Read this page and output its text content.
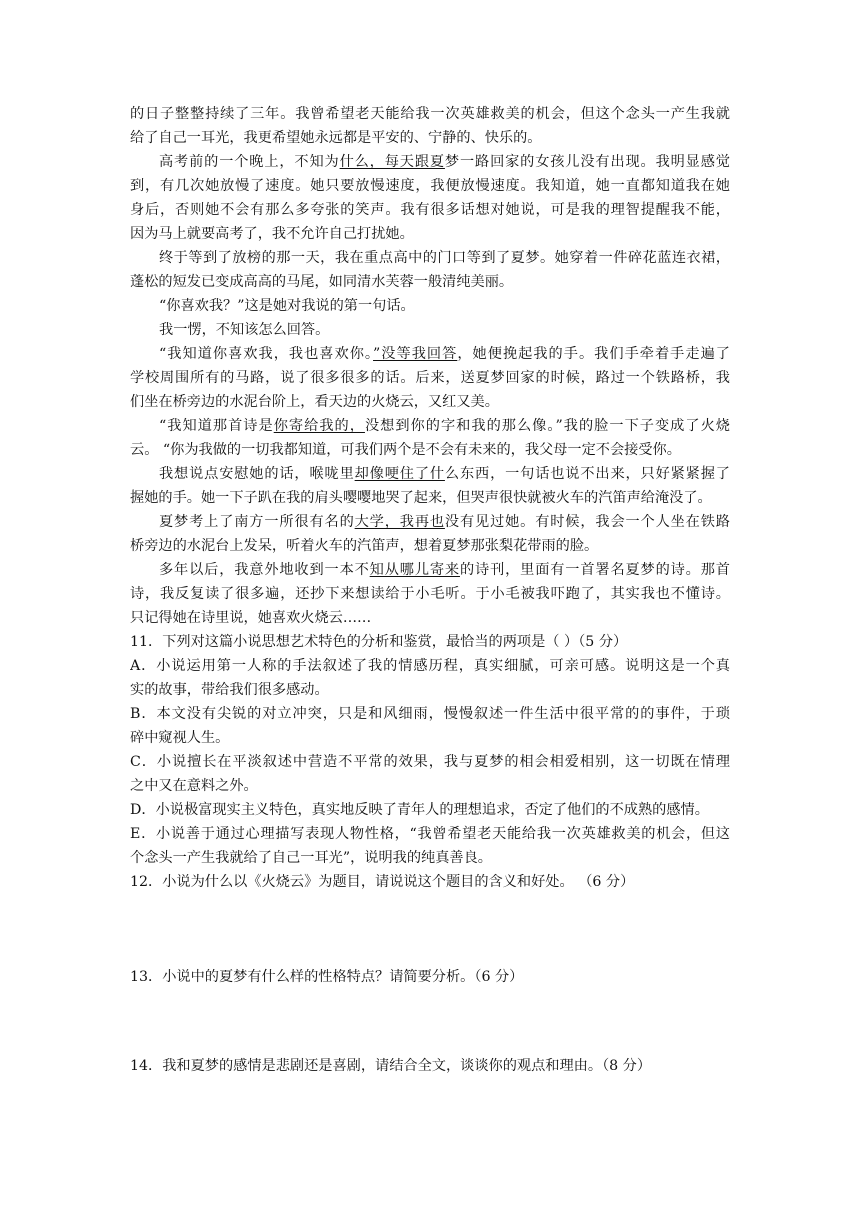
的日子整整持续了三年。我曾希望老天能给我一次英雄救美的机会，但这个念头一产生我就
给了自己一耳光，我更希望她永远都是平安的、宁静的、快乐的。
高考前的一个晚上，不知为什么，每天跟夏梦一路回家的女孩儿没有出现。我明显感觉
到，有几次她放慢了速度。她只要放慢速度，我便放慢速度。我知道，她一直都知道我在她
身后，否则她不会有那么多夸张的笑声。我有很多话想对她说，可是我的理智提醒我不能，
因为马上就要高考了，我不允许自己打扰她。
终于等到了放榜的那一天，我在重点高中的门口等到了夏梦。她穿着一件碎花蓝连衣裙，
蓬松的短发已变成高高的马尾，如同清水芙蓉一般清纯美丽。
“你喜欢我？”这是她对我说的第一句话。
我一愣，不知该怎么回答。
“我知道你喜欢我，我也喜欢你。”没等我回答，她便挽起我的手。我们手牵着手走遍了
学校周围所有的马路，说了很多很多的话。后来，送夏梦回家的时候，路过一个铁路桥，我
们坐在桥旁边的水泥台阶上，看天边的火烧云，又红又美。
“我知道那首诗是你寄给我的，没想到你的字和我的那么像。”我的脸一下子变成了火烧
云。 “你为我做的一切我都知道，可我们两个是不会有未来的，我父母一定不会接受你。
我想说点安慰她的话，喉咙里却像哽住了什么东西，一句话也说不出来，只好紧紧握了
握她的手。她一下子趴在我的肩头嘤嘤地哭了起来，但哭声很快就被火车的汽笛声给淹没了。
夏梦考上了南方一所很有名的大学，我再也没有见过她。有时候，我会一个人坐在铁路
桥旁边的水泥台上发呆，听着火车的汽笛声，想着夏梦那张梨花带雨的脸。
多年以后，我意外地收到一本不知从哪儿寄来的诗刊，里面有一首署名夏梦的诗。那首
诗，我反复读了很多遍，还抄下来想读给于小毛听。于小毛被我吓跑了，其实我也不懂诗。
只记得她在诗里说，她喜欢火烧云……
11．下列对这篇小说思想艺术特色的分析和鉴赏，最恰当的两项是（ ）（5 分）
A．小说运用第一人称的手法叙述了我的情感历程，真实细腻，可亲可感。说明这是一个真
实的故事，带给我们很多感动。
B．本文没有尖锐的对立冲突，只是和风细雨，慢慢叙述一件生活中很平常的的事件，于琐
碎中窥视人生。
C．小说擅长在平淡叙述中营造不平常的效果，我与夏梦的相会相爱相别，这一切既在情理
之中又在意料之外。
D．小说极富现实主义特色，真实地反映了青年人的理想追求，否定了他们的不成熟的感情。
E．小说善于通过心理描写表现人物性格，“我曾希望老天能给我一次英雄救美的机会，但这
个念头一产生我就给了自己一耳光”，说明我的纯真善良。
12．小说为什么以《火烧云》为题目，请说说这个题目的含义和好处。 （6 分）
13．小说中的夏梦有什么样的性格特点？请简要分析。（6 分）
14．我和夏梦的感情是悲剧还是喜剧，请结合全文，谈谈你的观点和理由。（8 分）
